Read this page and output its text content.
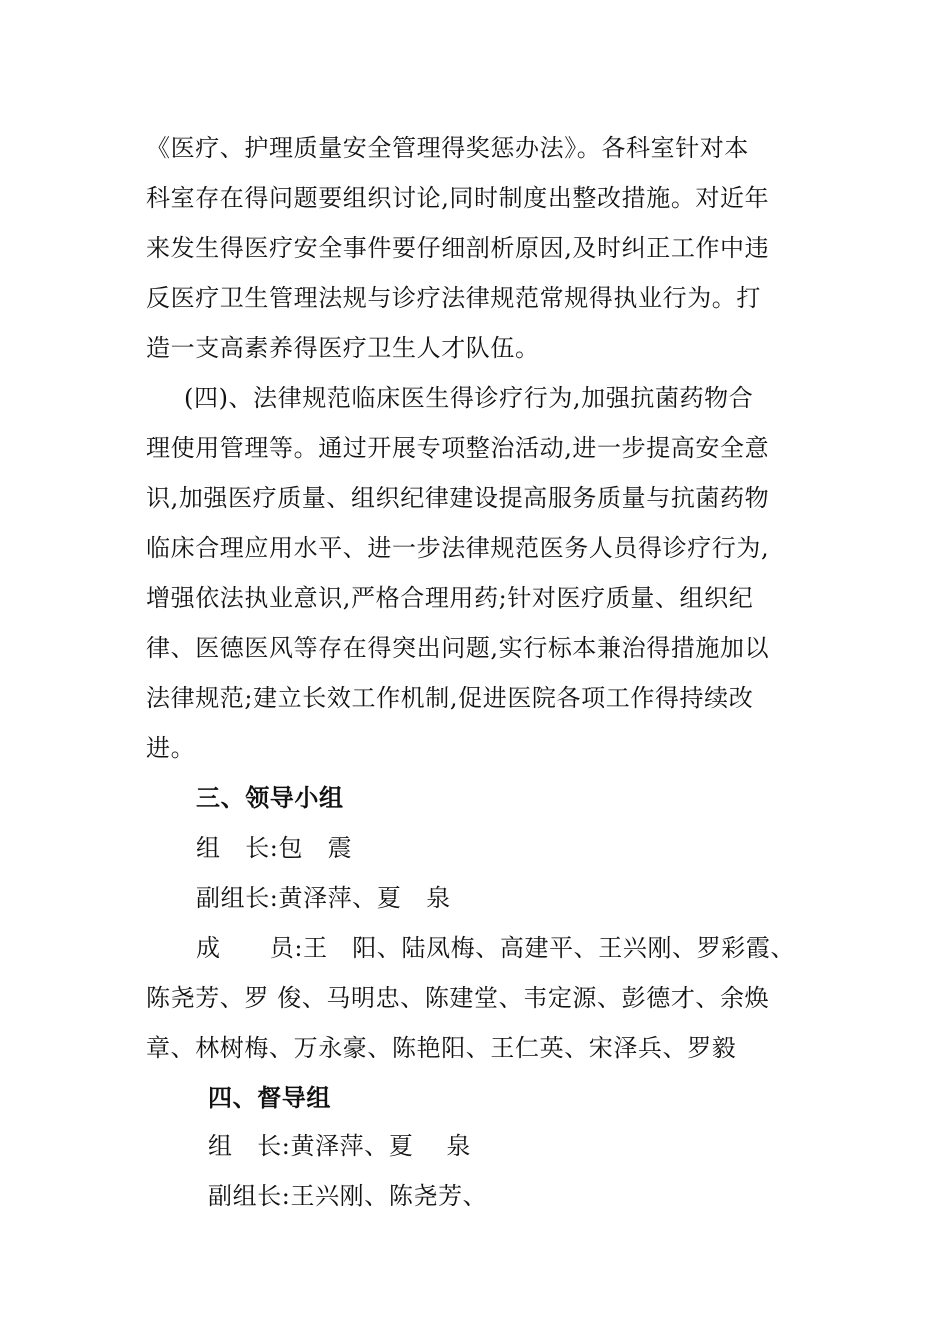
《医疗、护理质量安全管理得奖惩办法》。各科室针对本
科室存在得问题要组织讨论,同时制度出整改措施。对近年
来发生得医疗安全事件要仔细剖析原因,及时纠正工作中违
反医疗卫生管理法规与诊疗法律规范常规得执业行为。打
造一支高素养得医疗卫生人才队伍。
(四)、法律规范临床医生得诊疗行为,加强抗菌药物合
理使用管理等。通过开展专项整治活动,进一步提高安全意
识,加强医疗质量、组织纪律建设提高服务质量与抗菌药物
临床合理应用水平、进一步法律规范医务人员得诊疗行为,
增强依法执业意识,严格合理用药;针对医疗质量、组织纪
律、医德医风等存在得突出问题,实行标本兼治得措施加以
法律规范;建立长效工作机制,促进医院各项工作得持续改
进。
三、领导小组
组　长:包　震
副组长:黄泽萍、夏　泉
成　　员:王　阳、陆凤梅、高建平、王兴刚、罗彩霞、
陈尧芳、罗 俊、马明忠、陈建堂、韦定源、彭德才、余焕
章、林树梅、万永豪、陈艳阳、王仁英、宋泽兵、罗毅
四、督导组
组　长:黄泽萍、夏　 泉
副组长:王兴刚、陈尧芳、
